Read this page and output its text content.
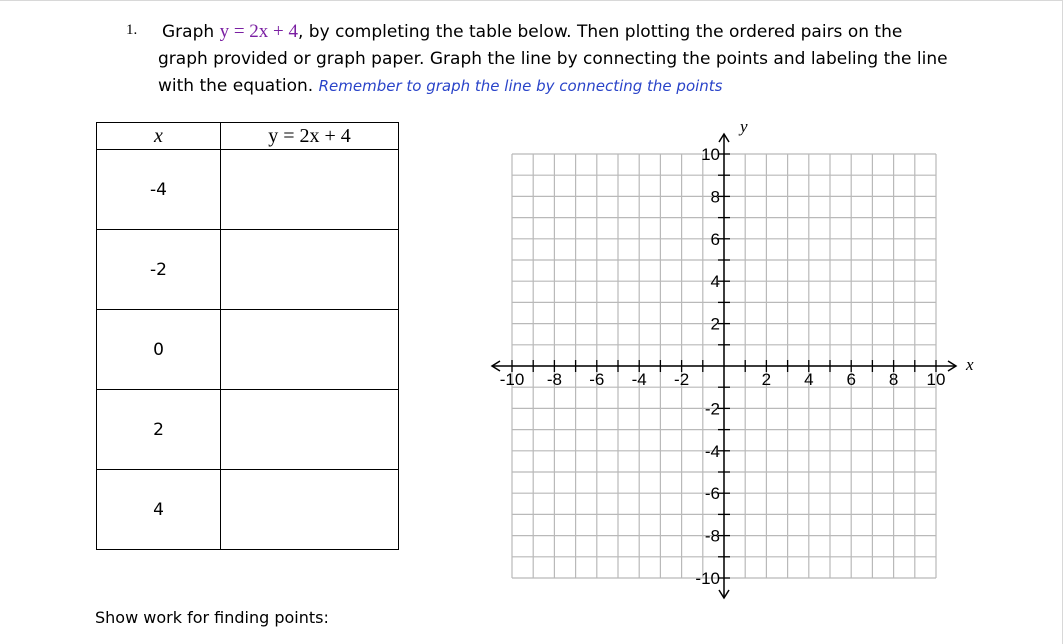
1. Graph y = 2x + 4, by completing the table below. Then plotting the ordered pairs on the
graph provided or graph paper. Graph the line by connecting the points and labeling the line
with the equation. Remember to graph the line by connecting the points
x	y = 2x + 4
-4	
-2	
0	
2	
4	
Show work for finding points:
-10 -8 -6 -4 -2	2 4 6 8 10
10
8
6
4
2
-2
-4
-6
-8
-10
x
y
